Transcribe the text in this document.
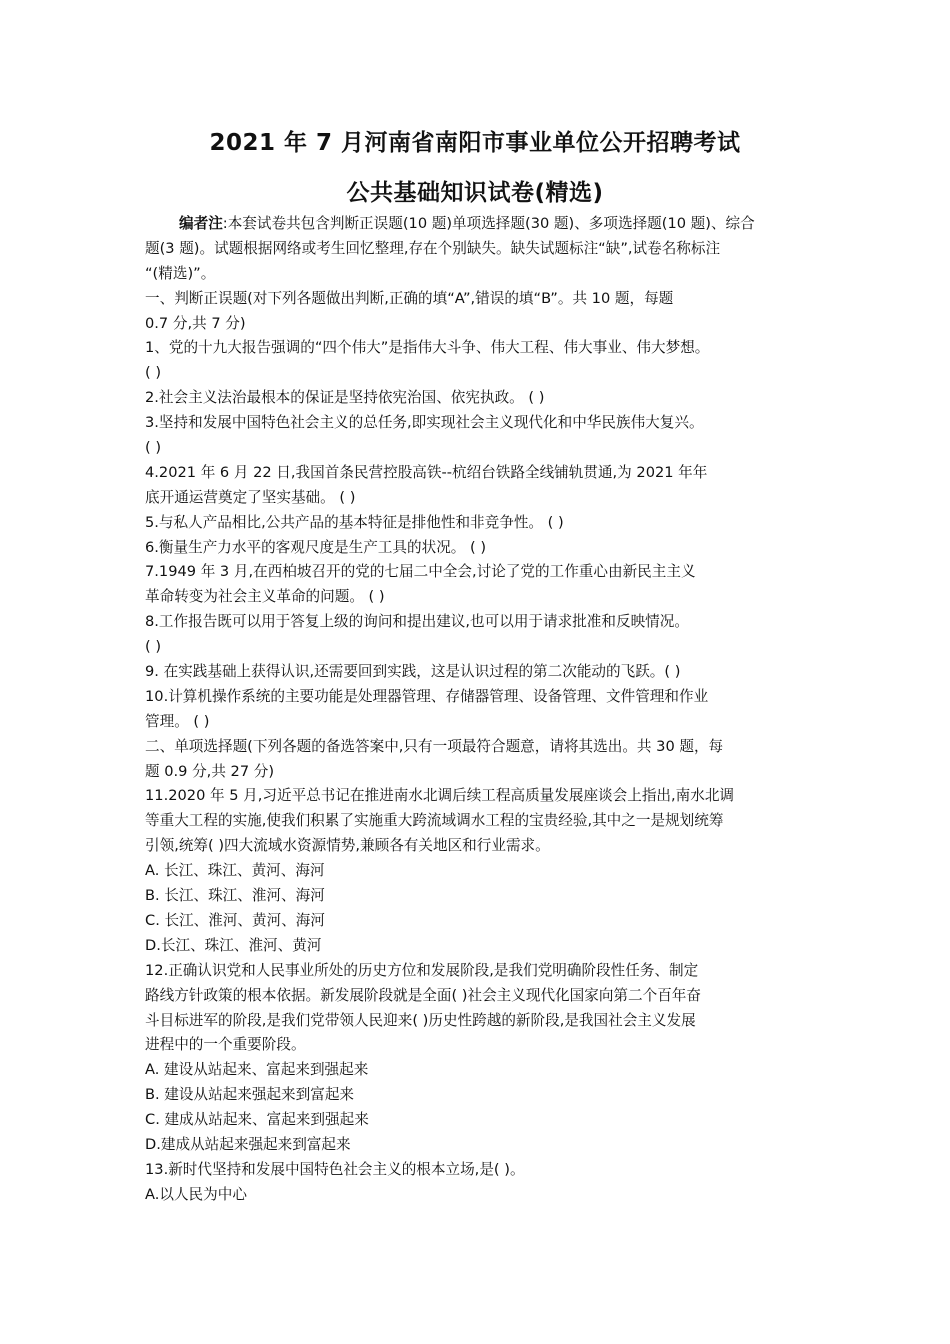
2021 年 7 月河南省南阳市事业单位公开招聘考试
公共基础知识试卷(精选)
编者注:本套试卷共包含判断正误题(10 题)单项选择题(30 题)、多项选择题(10 题)、综合
题(3 题)。试题根据网络或考生回忆整理,存在个别缺失。缺失试题标注“缺”,试卷名称标注
“(精选)”。
一、判断正误题(对下列各题做出判断,正确的填“A”,错误的填“B”。共 10 题，每题
0.7 分,共 7 分)
1、党的十九大报告强调的“四个伟大”是指伟大斗争、伟大工程、伟大事业、伟大梦想。
( )
2.社会主义法治最根本的保证是坚持依宪治国、依宪执政。 ( )
3.坚持和发展中国特色社会主义的总任务,即实现社会主义现代化和中华民族伟大复兴。
( )
4.2021 年 6 月 22 日,我国首条民营控股高铁--杭绍台铁路全线铺轨贯通,为 2021 年年
底开通运营奠定了坚实基础。 ( )
5.与私人产品相比,公共产品的基本特征是排他性和非竞争性。 ( )
6.衡量生产力水平的客观尺度是生产工具的状况。 ( )
7.1949 年 3 月,在西柏坡召开的党的七届二中全会,讨论了党的工作重心由新民主主义
革命转变为社会主义革命的问题。 ( )
8.工作报告既可以用于答复上级的询问和提出建议,也可以用于请求批准和反映情况。
( )
9. 在实践基础上获得认识,还需要回到实践，这是认识过程的第二次能动的飞跃。( )
10.计算机操作系统的主要功能是处理器管理、存储器管理、设备管理、文件管理和作业
管理。 ( )
二、单项选择题(下列各题的备选答案中,只有一项最符合题意，请将其选出。共 30 题，每
题 0.9 分,共 27 分)
11.2020 年 5 月,习近平总书记在推进南水北调后续工程高质量发展座谈会上指出,南水北调
等重大工程的实施,使我们积累了实施重大跨流域调水工程的宝贵经验,其中之一是规划统筹
引领,统筹( )四大流域水资源情势,兼顾各有关地区和行业需求。
A. 长江、珠江、黄河、海河
B. 长江、珠江、淮河、海河
C. 长江、淮河、黄河、海河
D.长江、珠江、淮河、黄河
12.正确认识党和人民事业所处的历史方位和发展阶段,是我们党明确阶段性任务、制定
路线方针政策的根本依据。新发展阶段就是全面( )社会主义现代化国家向第二个百年奋
斗目标进军的阶段,是我们党带领人民迎来( )历史性跨越的新阶段,是我国社会主义发展
进程中的一个重要阶段。
A. 建设从站起来、富起来到强起来
B. 建设从站起来强起来到富起来
C. 建成从站起来、富起来到强起来
D.建成从站起来强起来到富起来
13.新时代坚持和发展中国特色社会主义的根本立场,是( )。
A.以人民为中心
